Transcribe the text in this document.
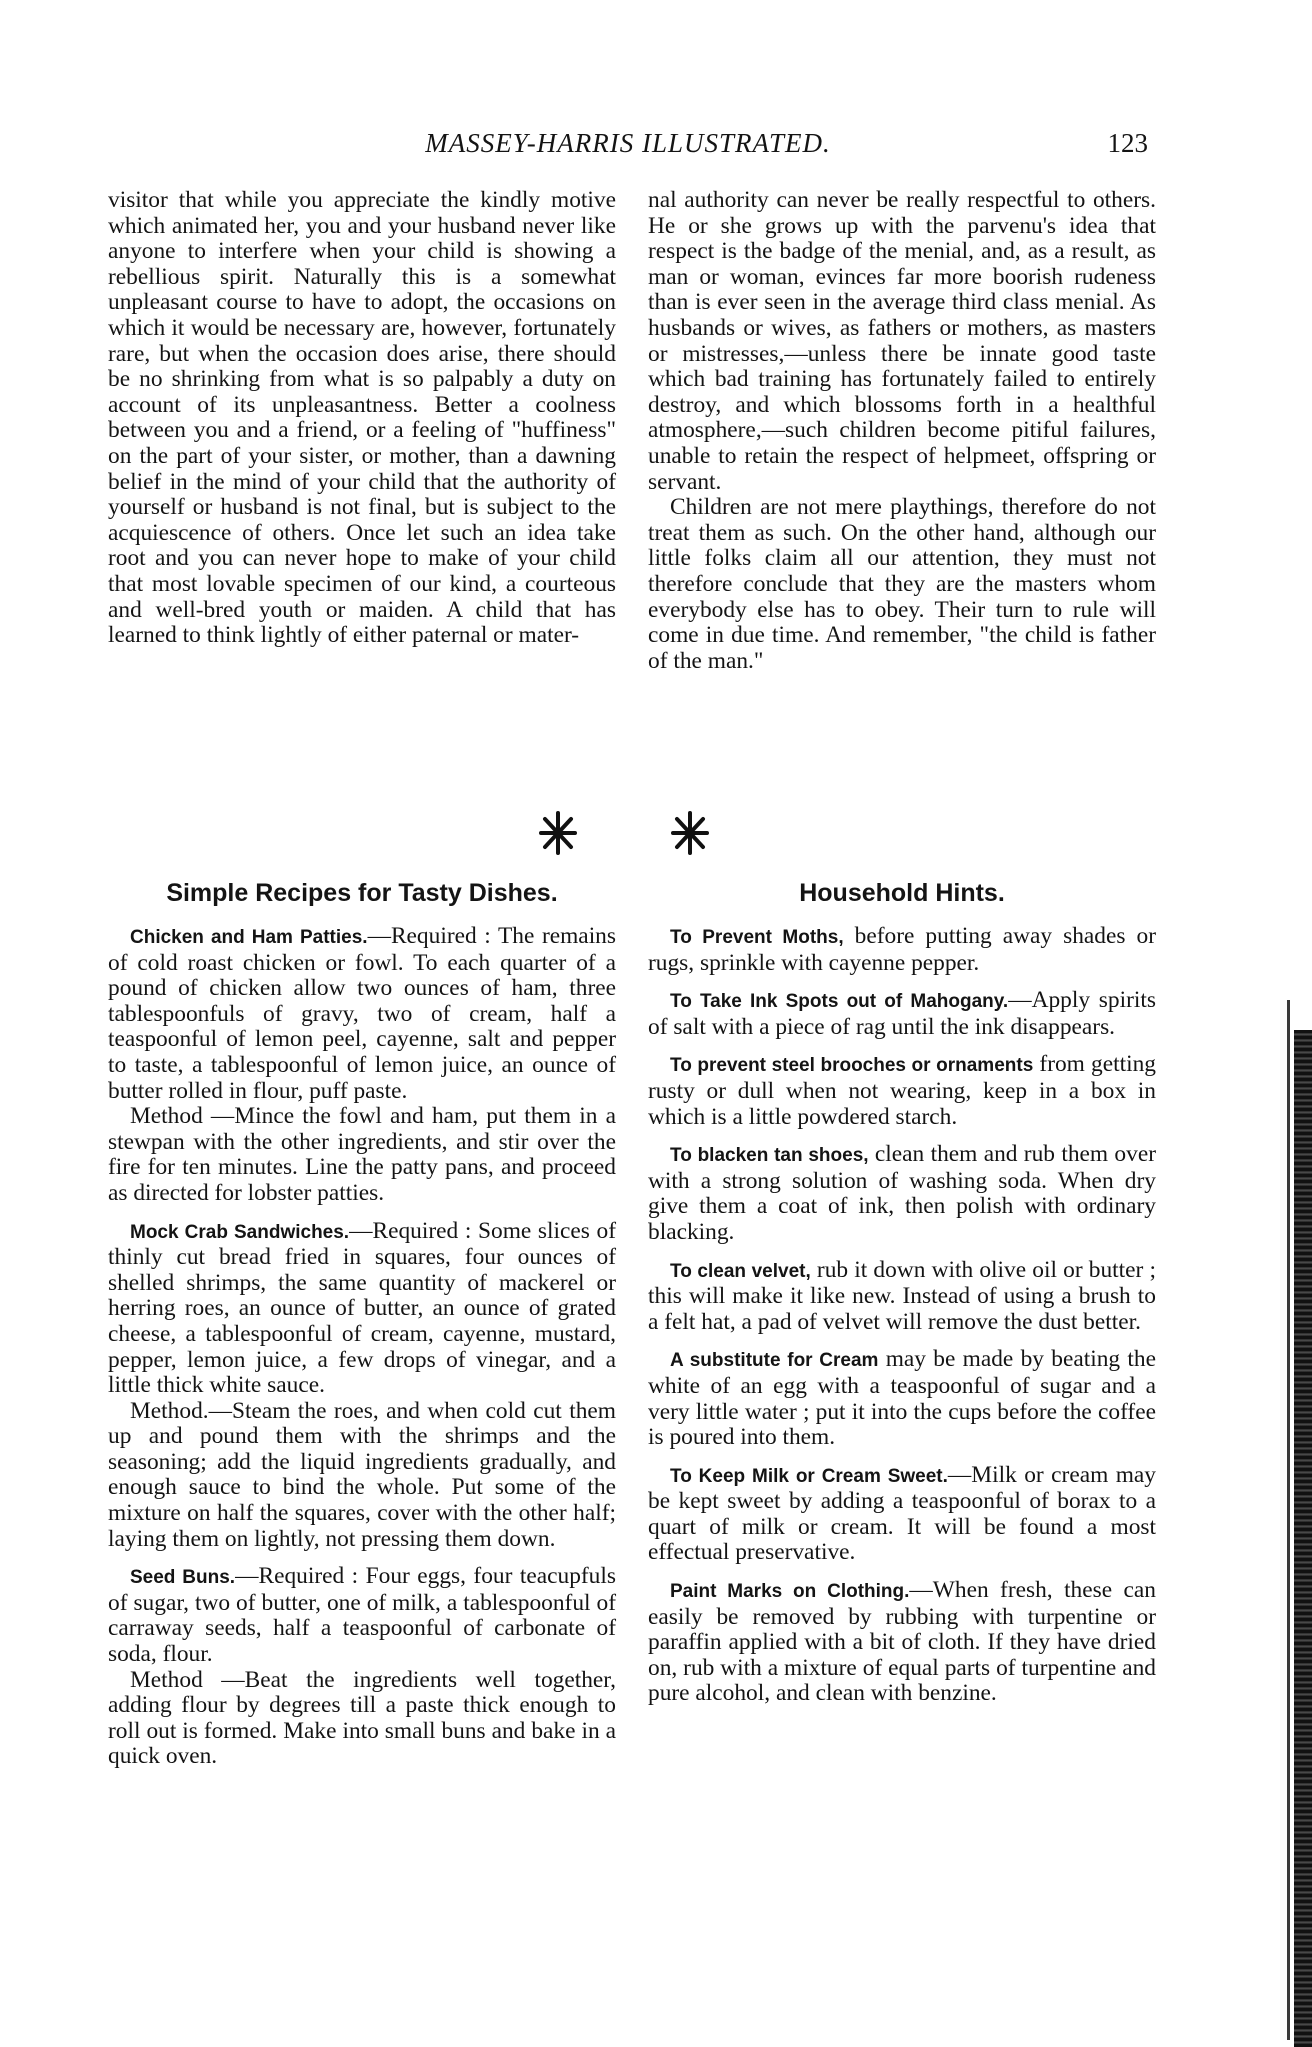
MASSEY-HARRIS ILLUSTRATED.	123

visitor that while you appreciate the kindly motive which animated her, you and your husband never like anyone to interfere when your child is showing a rebellious spirit. Naturally this is a somewhat unpleasant course to have to adopt, the occasions on which it would be necessary are, however, fortunately rare, but when the occasion does arise, there should be no shrinking from what is so palpably a duty on account of its unpleasantness. Better a coolness between you and a friend, or a feeling of "huffiness" on the part of your sister, or mother, than a dawning belief in the mind of your child that the authority of yourself or husband is not final, but is subject to the acquiescence of others. Once let such an idea take root and you can never hope to make of your child that most lovable specimen of our kind, a courteous and well-bred youth or maiden. A child that has learned to think lightly of either paternal or mater-

nal authority can never be really respectful to others. He or she grows up with the parvenu's idea that respect is the badge of the menial, and, as a result, as man or woman, evinces far more boorish rudeness than is ever seen in the average third class menial. As husbands or wives, as fathers or mothers, as masters or mistresses,—unless there be innate good taste which bad training has fortunately failed to entirely destroy, and which blossoms forth in a healthful atmosphere,—such children become pitiful failures, unable to retain the respect of helpmeet, offspring or servant.

Children are not mere playthings, therefore do not treat them as such. On the other hand, although our little folks claim all our attention, they must not therefore conclude that they are the masters whom everybody else has to obey. Their turn to rule will come in due time. And remember, "the child is father of the man."

Simple Recipes for Tasty Dishes.	Household Hints.

Chicken and Ham Patties.—Required : The remains of cold roast chicken or fowl. To each quarter of a pound of chicken allow two ounces of ham, three tablespoonfuls of gravy, two of cream, half a teaspoonful of lemon peel, cayenne, salt and pepper to taste, a tablespoonful of lemon juice, an ounce of butter rolled in flour, puff paste.

Method —Mince the fowl and ham, put them in a stewpan with the other ingredients, and stir over the fire for ten minutes. Line the patty pans, and proceed as directed for lobster patties.

Mock Crab Sandwiches.—Required : Some slices of thinly cut bread fried in squares, four ounces of shelled shrimps, the same quantity of mackerel or herring roes, an ounce of butter, an ounce of grated cheese, a tablespoonful of cream, cayenne, mustard, pepper, lemon juice, a few drops of vinegar, and a little thick white sauce.

Method.—Steam the roes, and when cold cut them up and pound them with the shrimps and the seasoning; add the liquid ingredients gradually, and enough sauce to bind the whole. Put some of the mixture on half the squares, cover with the other half; laying them on lightly, not pressing them down.

Seed Buns.—Required : Four eggs, four teacupfuls of sugar, two of butter, one of milk, a tablespoonful of carraway seeds, half a teaspoonful of carbonate of soda, flour.

Method —Beat the ingredients well together, adding flour by degrees till a paste thick enough to roll out is formed. Make into small buns and bake in a quick oven.

To Prevent Moths, before putting away shades or rugs, sprinkle with cayenne pepper.

To Take Ink Spots out of Mahogany.—Apply spirits of salt with a piece of rag until the ink disappears.

To prevent steel brooches or ornaments from getting rusty or dull when not wearing, keep in a box in which is a little powdered starch.

To blacken tan shoes, clean them and rub them over with a strong solution of washing soda. When dry give them a coat of ink, then polish with ordinary blacking.

To clean velvet, rub it down with olive oil or butter ; this will make it like new. Instead of using a brush to a felt hat, a pad of velvet will remove the dust better.

A substitute for Cream may be made by beating the white of an egg with a teaspoonful of sugar and a very little water ; put it into the cups before the coffee is poured into them.

To Keep Milk or Cream Sweet.—Milk or cream may be kept sweet by adding a teaspoonful of borax to a quart of milk or cream. It will be found a most effectual preservative.

Paint Marks on Clothing.—When fresh, these can easily be removed by rubbing with turpentine or paraffin applied with a bit of cloth. If they have dried on, rub with a mixture of equal parts of turpentine and pure alcohol, and clean with benzine.
